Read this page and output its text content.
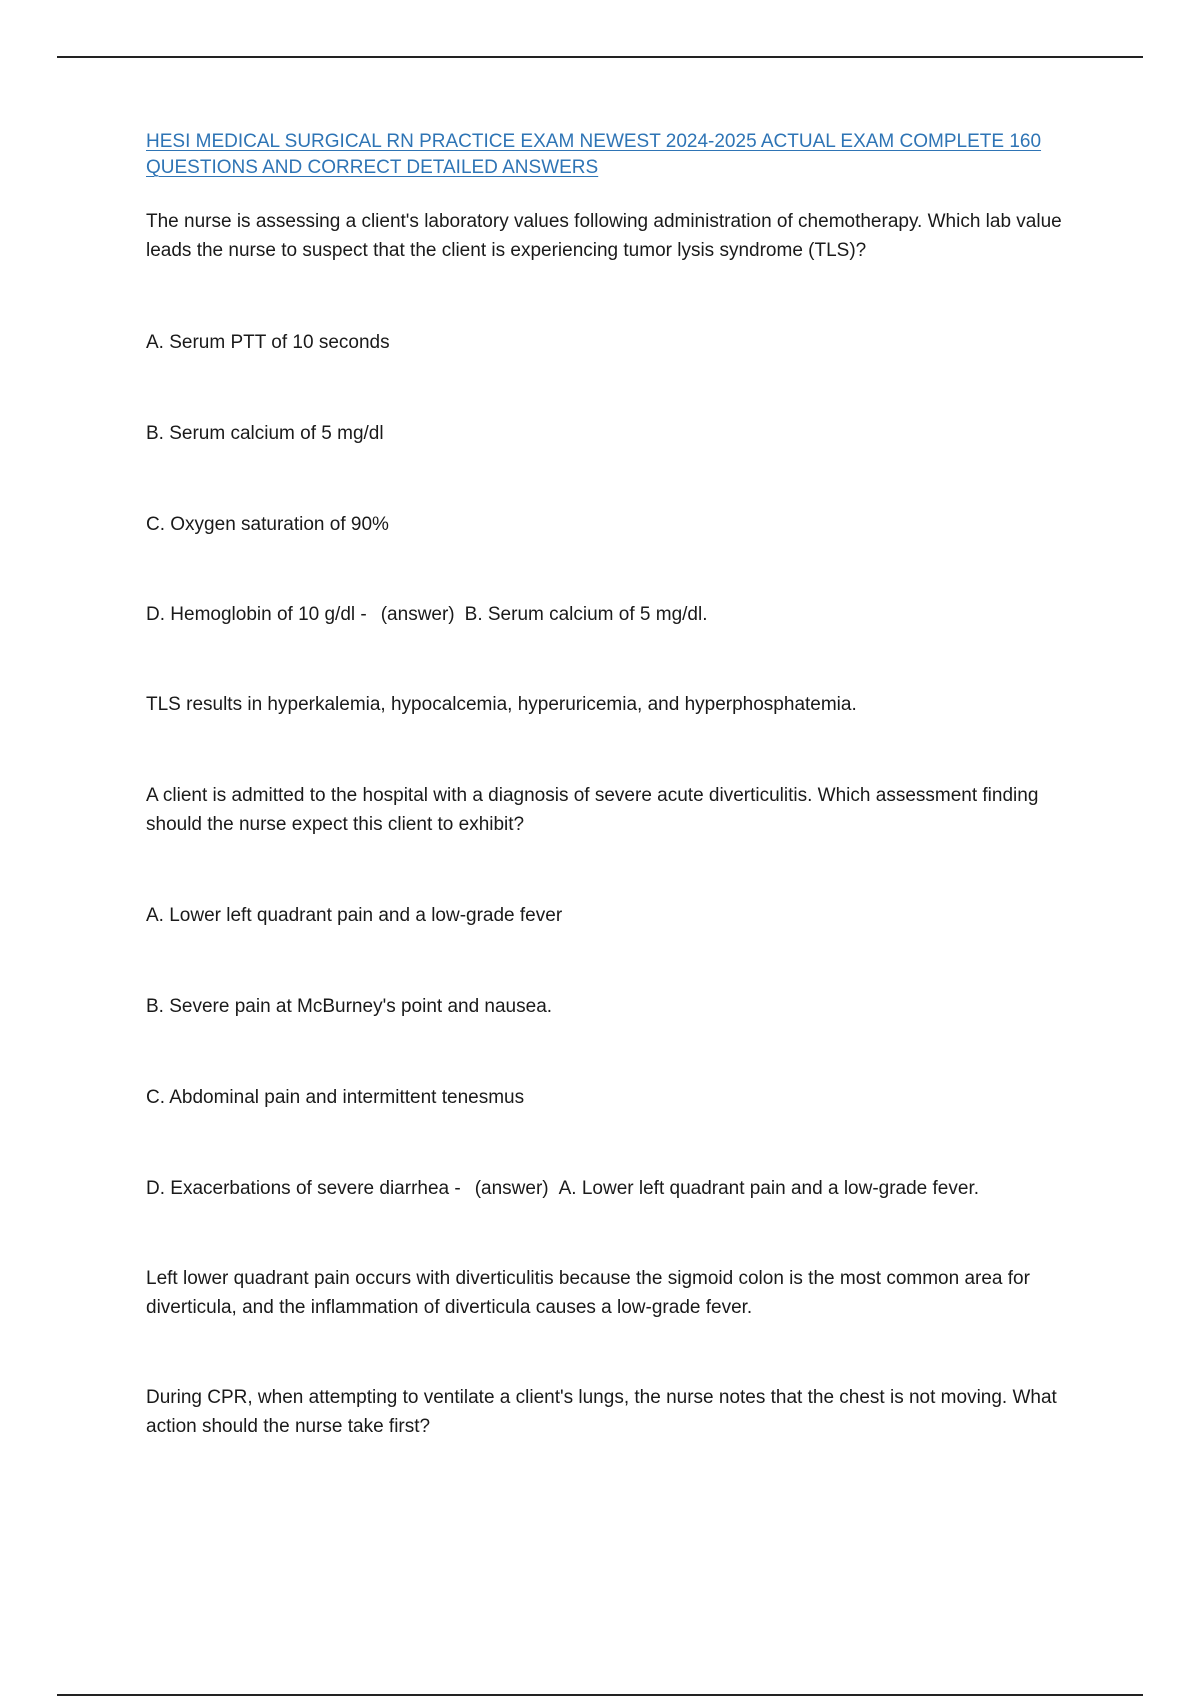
HESI MEDICAL SURGICAL RN PRACTICE EXAM NEWEST 2024-2025 ACTUAL EXAM COMPLETE 160
QUESTIONS AND CORRECT DETAILED ANSWERS

The nurse is assessing a client's laboratory values following administration of chemotherapy. Which lab value leads the nurse to suspect that the client is experiencing tumor lysis syndrome (TLS)?

A. Serum PTT of 10 seconds

B. Serum calcium of 5 mg/dl

C. Oxygen saturation of 90%

D. Hemoglobin of 10 g/dl - (answer) B. Serum calcium of 5 mg/dl.

TLS results in hyperkalemia, hypocalcemia, hyperuricemia, and hyperphosphatemia.

A client is admitted to the hospital with a diagnosis of severe acute diverticulitis. Which assessment finding should the nurse expect this client to exhibit?

A. Lower left quadrant pain and a low-grade fever

B. Severe pain at McBurney's point and nausea.

C. Abdominal pain and intermittent tenesmus

D. Exacerbations of severe diarrhea - (answer) A. Lower left quadrant pain and a low-grade fever.

Left lower quadrant pain occurs with diverticulitis because the sigmoid colon is the most common area for diverticula, and the inflammation of diverticula causes a low-grade fever.

During CPR, when attempting to ventilate a client's lungs, the nurse notes that the chest is not moving. What action should the nurse take first?
